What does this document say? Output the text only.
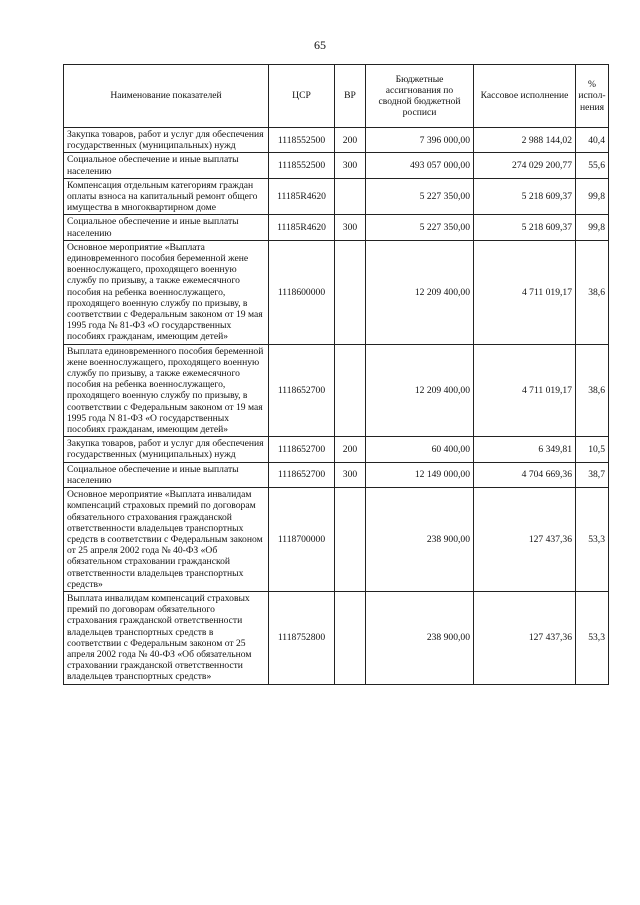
65
Наименование показателей	ЦСР	ВР	Бюджетные ассигнования по сводной бюджетной росписи	Кассовое исполнение	% испол-нения
Закупка товаров, работ и услуг для обеспечения государственных (муниципальных) нужд	1118552500	200	7 396 000,00	2 988 144,02	40,4
Социальное обеспечение и иные выплаты населению	1118552500	300	493 057 000,00	274 029 200,77	55,6
Компенсация отдельным категориям граждан оплаты взноса на капитальный ремонт общего имущества в многоквартирном доме	11185R4620		5 227 350,00	5 218 609,37	99,8
Социальное обеспечение и иные выплаты населению	11185R4620	300	5 227 350,00	5 218 609,37	99,8
Основное мероприятие «Выплата единовременного пособия беременной жене военнослужащего, проходящего военную службу по призыву, а также ежемесячного пособия на ребенка военнослужащего, проходящего военную службу по призыву, в соответствии с Федеральным законом от 19 мая 1995 года № 81-ФЗ «О государственных пособиях гражданам, имеющим детей»	1118600000		12 209 400,00	4 711 019,17	38,6
Выплата единовременного пособия беременной жене военнослужащего, проходящего военную службу по призыву, а также ежемесячного пособия на ребенка военнослужащего, проходящего военную службу по призыву, в соответствии с Федеральным законом от 19 мая 1995 года N 81-ФЗ «О государственных пособиях гражданам, имеющим детей»	1118652700		12 209 400,00	4 711 019,17	38,6
Закупка товаров, работ и услуг для обеспечения государственных (муниципальных) нужд	1118652700	200	60 400,00	6 349,81	10,5
Социальное обеспечение и иные выплаты населению	1118652700	300	12 149 000,00	4 704 669,36	38,7
Основное мероприятие «Выплата инвалидам компенсаций страховых премий по договорам обязательного страхования гражданской ответственности владельцев транспортных средств в соответствии с Федеральным законом от 25 апреля 2002 года № 40-ФЗ «Об обязательном страховании гражданской ответственности владельцев транспортных средств»	1118700000		238 900,00	127 437,36	53,3
Выплата инвалидам компенсаций страховых премий по договорам обязательного страхования гражданской ответственности владельцев транспортных средств в соответствии с Федеральным законом от 25 апреля 2002 года № 40-ФЗ «Об обязательном страховании гражданской ответственности владельцев транспортных средств»	1118752800		238 900,00	127 437,36	53,3
